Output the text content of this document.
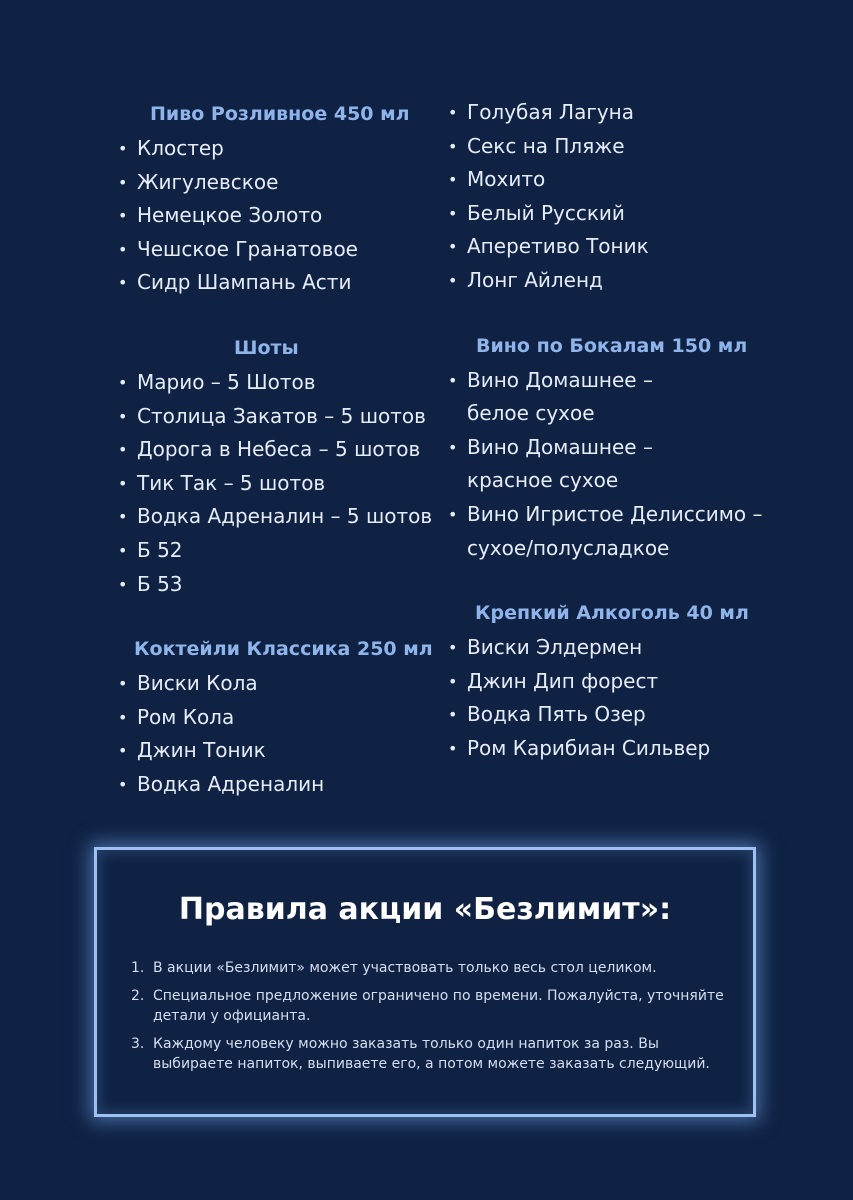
Пиво Розливное 450 мл
• Клостер
• Жигулевское
• Немецкое Золото
• Чешское Гранатовое
• Сидр Шампань Асти
Шоты
• Марио – 5 Шотов
• Столица Закатов – 5 шотов
• Дорога в Небеса – 5 шотов
• Тик Так – 5 шотов
• Водка Адреналин – 5 шотов
• Б 52
• Б 53
Коктейли Классика 250 мл
• Виски Кола
• Ром Кола
• Джин Тоник
• Водка Адреналин
• Голубая Лагуна
• Секс на Пляже
• Мохито
• Белый Русский
• Аперетиво Тоник
• Лонг Айленд
Вино по Бокалам 150 мл
• Вино Домашнее –
белое сухое
• Вино Домашнее –
красное сухое
• Вино Игристое Делиссимо –
сухое/полусладкое
Крепкий Алкоголь 40 мл
• Виски Элдермен
• Джин Дип форест
• Водка Пять Озер
• Ром Карибиан Сильвер
Правила акции «Безлимит»:
1. В акции «Безлимит» может участвовать только весь стол целиком.
2. Специальное предложение ограничено по времени. Пожалуйста, уточняйте детали у официанта.
3. Каждому человеку можно заказать только один напиток за раз. Вы выбираете напиток, выпиваете его, а потом можете заказать следующий.
